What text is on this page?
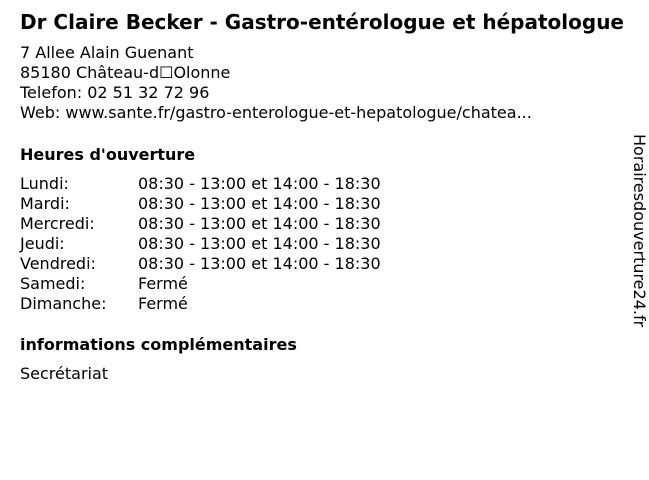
Dr Claire Becker - Gastro-entérologue et hépatologue
7 Allee Alain Guenant
85180 Château-d☐Olonne
Telefon: 02 51 32 72 96
Web: www.sante.fr/gastro-enterologue-et-hepatologue/chatea...
Heures d'ouverture
Lundi:	08:30 - 13:00 et 14:00 - 18:30
Mardi:	08:30 - 13:00 et 14:00 - 18:30
Mercredi:	08:30 - 13:00 et 14:00 - 18:30
Jeudi:	08:30 - 13:00 et 14:00 - 18:30
Vendredi:	08:30 - 13:00 et 14:00 - 18:30
Samedi:	Fermé
Dimanche: Fermé
informations complémentaires
Secrétariat
Horairesdouverture24.fr
